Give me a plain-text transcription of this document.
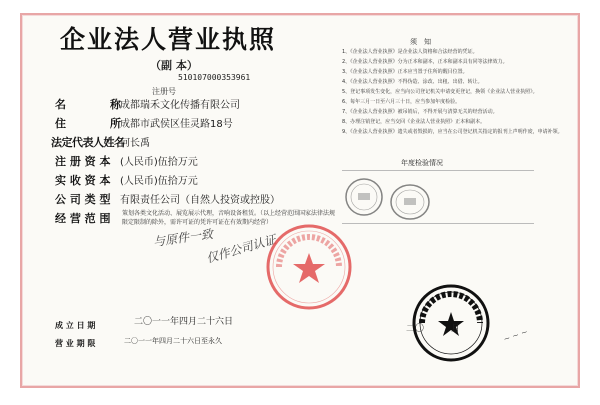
企业法人营业执照
（副 本）
510107000353961
注册号
名　　　　称
住　　　　所
法定代表人姓名
注 册 资 本
实 收 资 本
公 司 类 型
经 营 范 围
成 立 日 期
营 业 期 限
成都瑞禾文化传播有限公司
成都市武侯区佳灵路18号
何长禹
(人民币)伍拾万元
(人民币)伍拾万元
有限责任公司（自然人投资或控股）
策划各类文化活动、展览展示代理，音响设备租赁。（以上经营范围国家法律法规限定限制的除外，需许可证的凭许可证在有效期内经营）
二〇一一年四月二十六日
二〇一一年四月二十六日至永久
与原件一致
仅作公司认证
须　知
1、《企业法人营业执照》是企业法人资格和合法经营的凭证。
2、《企业法人营业执照》分为正本和副本，正本和副本具有同等法律效力。
3、《企业法人营业执照》正本应当置于住所的醒目位置。
4、《企业法人营业执照》不得伪造、涂改、出租、出借、转让。
5、登记事项发生变化，应当向公司登记机关申请变更登记，换领《企业法人营业执照》。
6、每年三月一日至六月三十日，应当参加年度检验。
7、《企业法人营业执照》被吊销后，不得开展与清算无关的经营活动。
8、办理注销登记，应当交回《企业法人营业执照》正本和副本。
9、《企业法人营业执照》遗失或者毁损的，应当在公司登记机关指定的报刊上声明作废，申请补领。
年度检验情况
二〇	月	~ ~ ~
